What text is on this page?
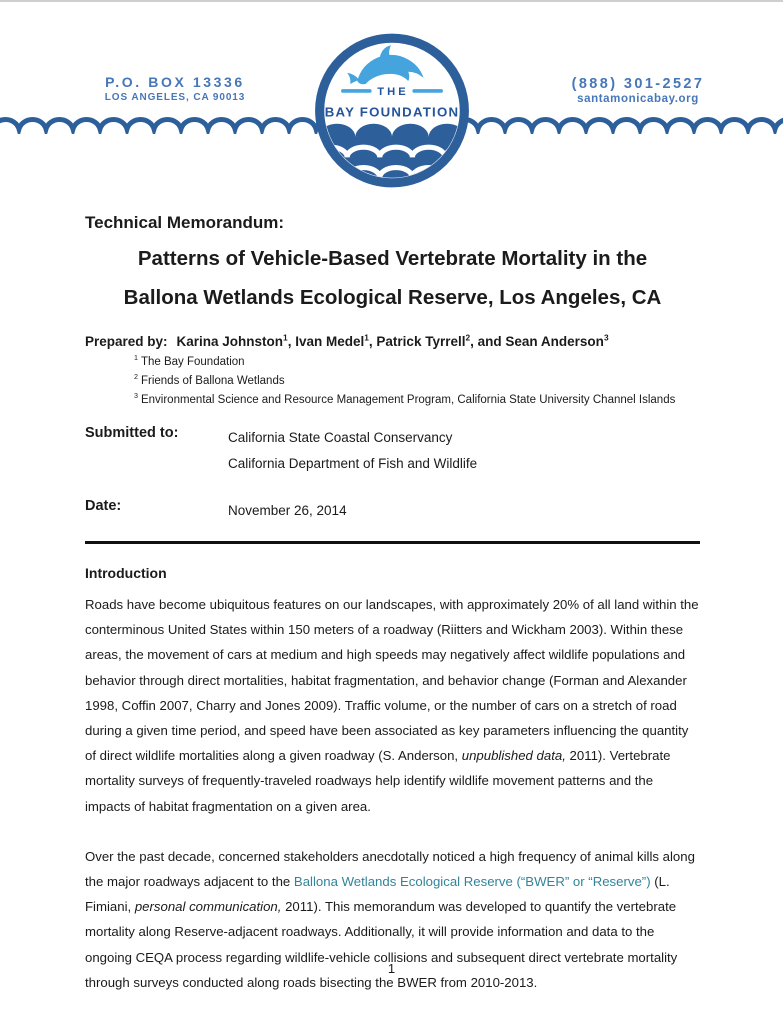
P.O. BOX 13336
LOS ANGELES, CA 90013
(888) 301-2527
santamonicabay.org
THE
BAY FOUNDATION
Technical Memorandum:
Patterns of Vehicle-Based Vertebrate Mortality in the
Ballona Wetlands Ecological Reserve, Los Angeles, CA
Prepared by: Karina Johnston$^1$, Ivan Medel$^1$, Patrick Tyrrell$^2$, and Sean Anderson$^3$
$^1$ The Bay Foundation
$^2$ Friends of Ballona Wetlands
$^3$ Environmental Science and Resource Management Program, California State University Channel Islands
Submitted to:	California State Coastal Conservancy
California Department of Fish and Wildlife
Date:	November 26, 2014
Introduction

Roads have become ubiquitous features on our landscapes, with approximately 20% of all land within the conterminous United States within 150 meters of a roadway (Riitters and Wickham 2003). Within these areas, the movement of cars at medium and high speeds may negatively affect wildlife populations and behavior through direct mortalities, habitat fragmentation, and behavior change (Forman and Alexander 1998, Coffin 2007, Charry and Jones 2009). Traffic volume, or the number of cars on a stretch of road during a given time period, and speed have been associated as key parameters influencing the quantity of direct wildlife mortalities along a given roadway (S. Anderson, unpublished data, 2011). Vertebrate mortality surveys of frequently-traveled roadways help identify wildlife movement patterns and the impacts of habitat fragmentation on a given area.

Over the past decade, concerned stakeholders anecdotally noticed a high frequency of animal kills along the major roadways adjacent to the Ballona Wetlands Ecological Reserve (“BWER” or “Reserve”) (L. Fimiani, personal communication, 2011). This memorandum was developed to quantify the vertebrate mortality along Reserve-adjacent roadways. Additionally, it will provide information and data to the ongoing CEQA process regarding wildlife-vehicle collisions and subsequent direct vertebrate mortality through surveys conducted along roads bisecting the BWER from 2010-2013.

1
